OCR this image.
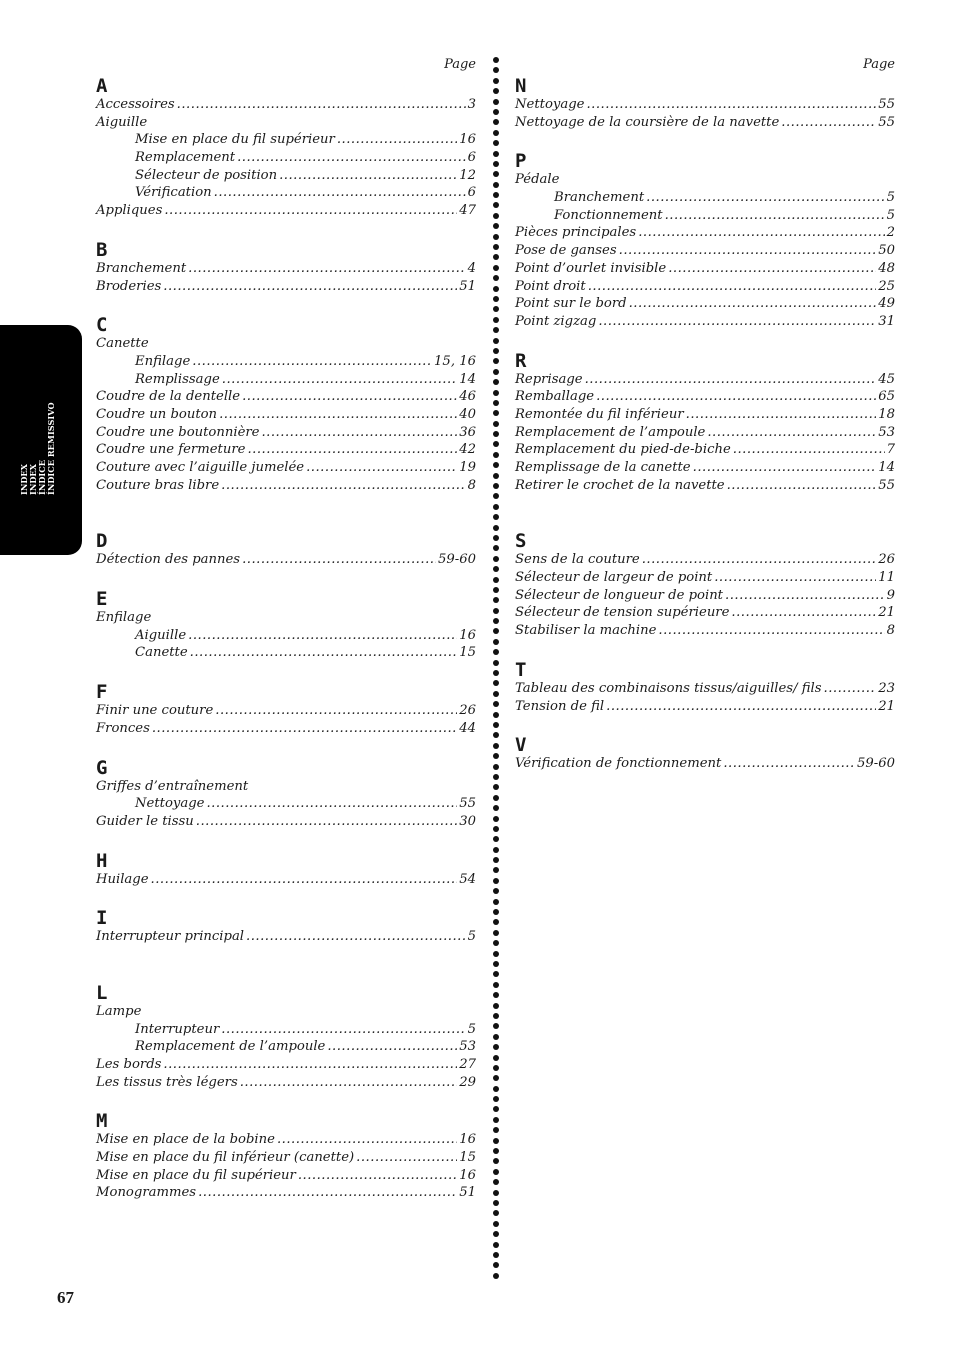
INDEX INDEX ÍNDICE ÍNDICE REMISSIVO
Page
A
Accessoires .....	3
Aiguille
Mise en place du fil supérieur .....	16
Remplacement .....	6
Sélecteur de position .....	12
Vérification .....	6
Appliques .....	47
B
Branchement .....	4
Broderies .....	51
C
Canette
Enfilage .....	15, 16
Remplissage .....	14
Coudre de la dentelle .....	46
Coudre un bouton .....	40
Coudre une boutonnière .....	36
Coudre une fermeture .....	42
Couture avec l’aiguille jumelée .....	19
Couture bras libre .....	8
D
Détection des pannes .....	59-60
E
Enfilage
Aiguille .....	16
Canette .....	15
F
Finir une couture .....	26
Fronces .....	44
G
Griffes d’entraînement
Nettoyage .....	55
Guider le tissu .....	30
H
Huilage .....	54
I
Interrupteur principal .....	5
L
Lampe
Interrupteur .....	5
Remplacement de l’ampoule .....	53
Les bords .....	27
Les tissus très légers .....	29
M
Mise en place de la bobine .....	16
Mise en place du fil inférieur (canette) .....	15
Mise en place du fil supérieur .....	16
Monogrammes .....	51
Page
N
Nettoyage .....	55
Nettoyage de la coursière de la navette .....	55
P
Pédale
Branchement .....	5
Fonctionnement .....	5
Pièces principales .....	2
Pose de ganses .....	50
Point d’ourlet invisible .....	48
Point droit .....	25
Point sur le bord .....	49
Point zigzag .....	31
R
Reprisage .....	45
Remballage .....	65
Remontée du fil inférieur .....	18
Remplacement de l’ampoule .....	53
Remplacement du pied-de-biche .....	7
Remplissage de la canette .....	14
Retirer le crochet de la navette .....	55
S
Sens de la couture .....	26
Sélecteur de largeur de point .....	11
Sélecteur de longueur de point .....	9
Sélecteur de tension supérieure .....	21
Stabiliser la machine .....	8
T
Tableau des combinaisons tissus/aiguilles/ fils .....	23
Tension de fil .....	21
V
Vérification de fonctionnement .....	59-60
67
